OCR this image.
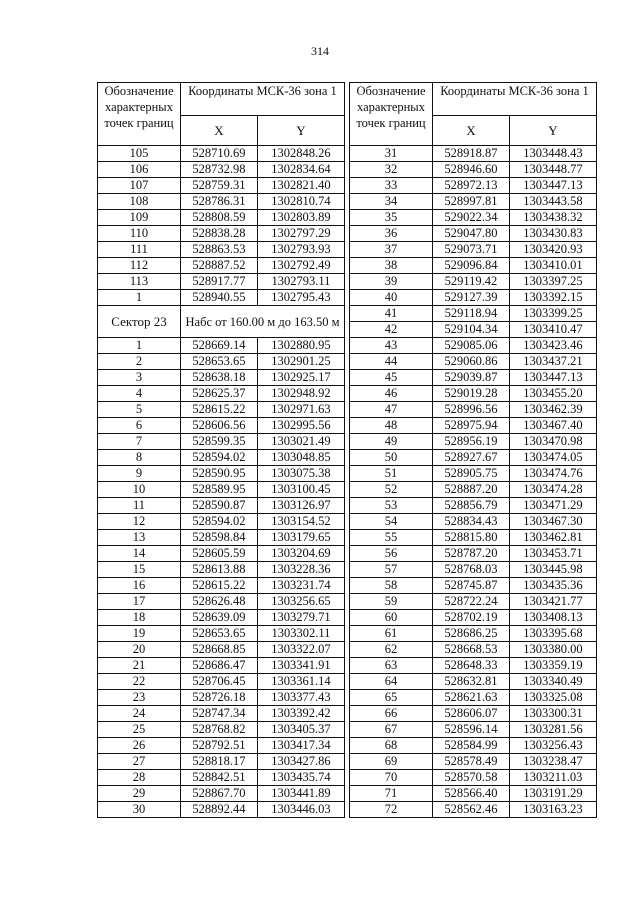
314
Обозначение характерных точек границ	Координаты МСК-36 зона 1	
	X	Y
105	528710.69	1302848.26
106	528732.98	1302834.64
107	528759.31	1302821.40
108	528786.31	1302810.74
109	528808.59	1302803.89
110	528838.28	1302797.29
111	528863.53	1302793.93
112	528887.52	1302792.49
113	528917.77	1302793.11
1	528940.55	1302795.43
Сектор 23	Набс от 160.00 м до 163.50 м	
1	528669.14	1302880.95
2	528653.65	1302901.25
3	528638.18	1302925.17
4	528625.37	1302948.92
5	528615.22	1302971.63
6	528606.56	1302995.56
7	528599.35	1303021.49
8	528594.02	1303048.85
9	528590.95	1303075.38
10	528589.95	1303100.45
11	528590.87	1303126.97
12	528594.02	1303154.52
13	528598.84	1303179.65
14	528605.59	1303204.69
15	528613.88	1303228.36
16	528615.22	1303231.74
17	528626.48	1303256.65
18	528639.09	1303279.71
19	528653.65	1303302.11
20	528668.85	1303322.07
21	528686.47	1303341.91
22	528706.45	1303361.14
23	528726.18	1303377.43
24	528747.34	1303392.42
25	528768.82	1303405.37
26	528792.51	1303417.34
27	528818.17	1303427.86
28	528842.51	1303435.74
29	528867.70	1303441.89
30	528892.44	1303446.03
Обозначение характерных точек границ	Координаты МСК-36 зона 1	
	X	Y
31	528918.87	1303448.43
32	528946.60	1303448.77
33	528972.13	1303447.13
34	528997.81	1303443.58
35	529022.34	1303438.32
36	529047.80	1303430.83
37	529073.71	1303420.93
38	529096.84	1303410.01
39	529119.42	1303397.25
40	529127.39	1303392.15
41	529118.94	1303399.25
42	529104.34	1303410.47
43	529085.06	1303423.46
44	529060.86	1303437.21
45	529039.87	1303447.13
46	529019.28	1303455.20
47	528996.56	1303462.39
48	528975.94	1303467.40
49	528956.19	1303470.98
50	528927.67	1303474.05
51	528905.75	1303474.76
52	528887.20	1303474.28
53	528856.79	1303471.29
54	528834.43	1303467.30
55	528815.80	1303462.81
56	528787.20	1303453.71
57	528768.03	1303445.98
58	528745.87	1303435.36
59	528722.24	1303421.77
60	528702.19	1303408.13
61	528686.25	1303395.68
62	528668.53	1303380.00
63	528648.33	1303359.19
64	528632.81	1303340.49
65	528621.63	1303325.08
66	528606.07	1303300.31
67	528596.14	1303281.56
68	528584.99	1303256.43
69	528578.49	1303238.47
70	528570.58	1303211.03
71	528566.40	1303191.29
72	528562.46	1303163.23
